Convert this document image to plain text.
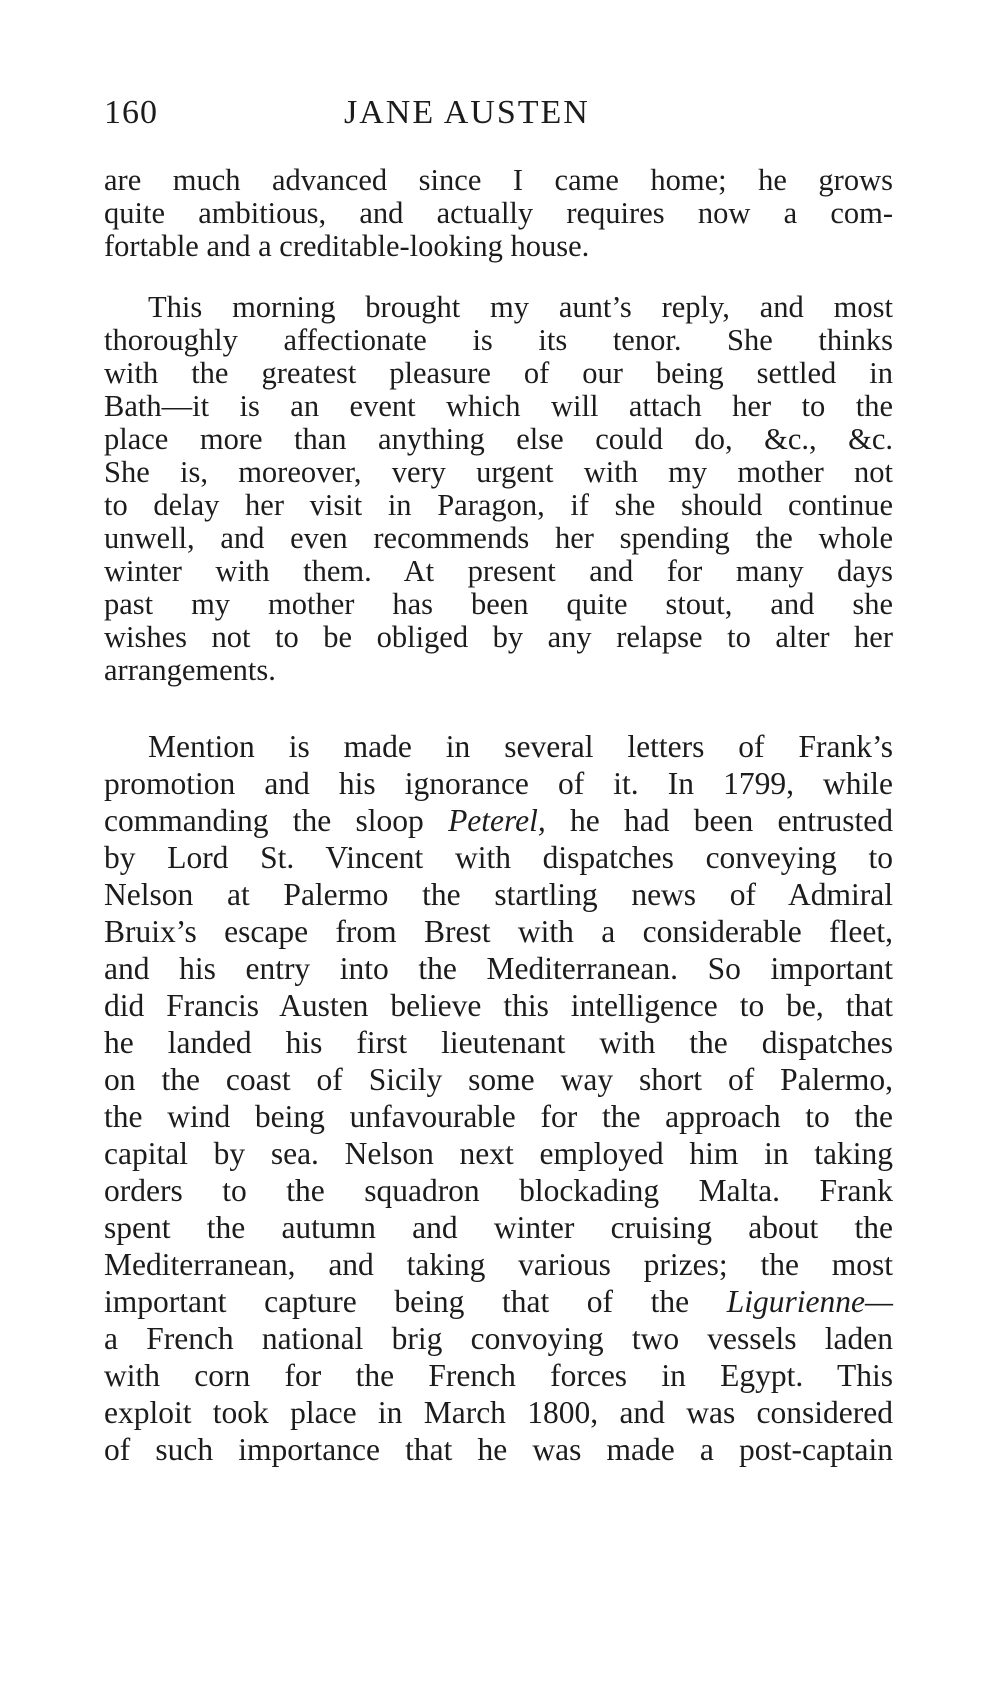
160	JANE AUSTEN
are much advanced since I came home; he grows
quite ambitious, and actually requires now a com-
fortable and a creditable-looking house.
This morning brought my aunt’s reply, and most
thoroughly affectionate is its tenor. She thinks
with the greatest pleasure of our being settled in
Bath—it is an event which will attach her to the
place more than anything else could do, &c., &c.
She is, moreover, very urgent with my mother not
to delay her visit in Paragon, if she should continue
unwell, and even recommends her spending the whole
winter with them. At present and for many days
past my mother has been quite stout, and she
wishes not to be obliged by any relapse to alter her
arrangements.
Mention is made in several letters of Frank’s
promotion and his ignorance of it. In 1799, while
commanding the sloop Peterel, he had been entrusted
by Lord St. Vincent with dispatches conveying to
Nelson at Palermo the startling news of Admiral
Bruix’s escape from Brest with a considerable fleet,
and his entry into the Mediterranean. So important
did Francis Austen believe this intelligence to be, that
he landed his first lieutenant with the dispatches
on the coast of Sicily some way short of Palermo,
the wind being unfavourable for the approach to the
capital by sea. Nelson next employed him in taking
orders to the squadron blockading Malta. Frank
spent the autumn and winter cruising about the
Mediterranean, and taking various prizes; the most
important capture being that of the Ligurienne—
a French national brig convoying two vessels laden
with corn for the French forces in Egypt. This
exploit took place in March 1800, and was considered
of such importance that he was made a post-captain
